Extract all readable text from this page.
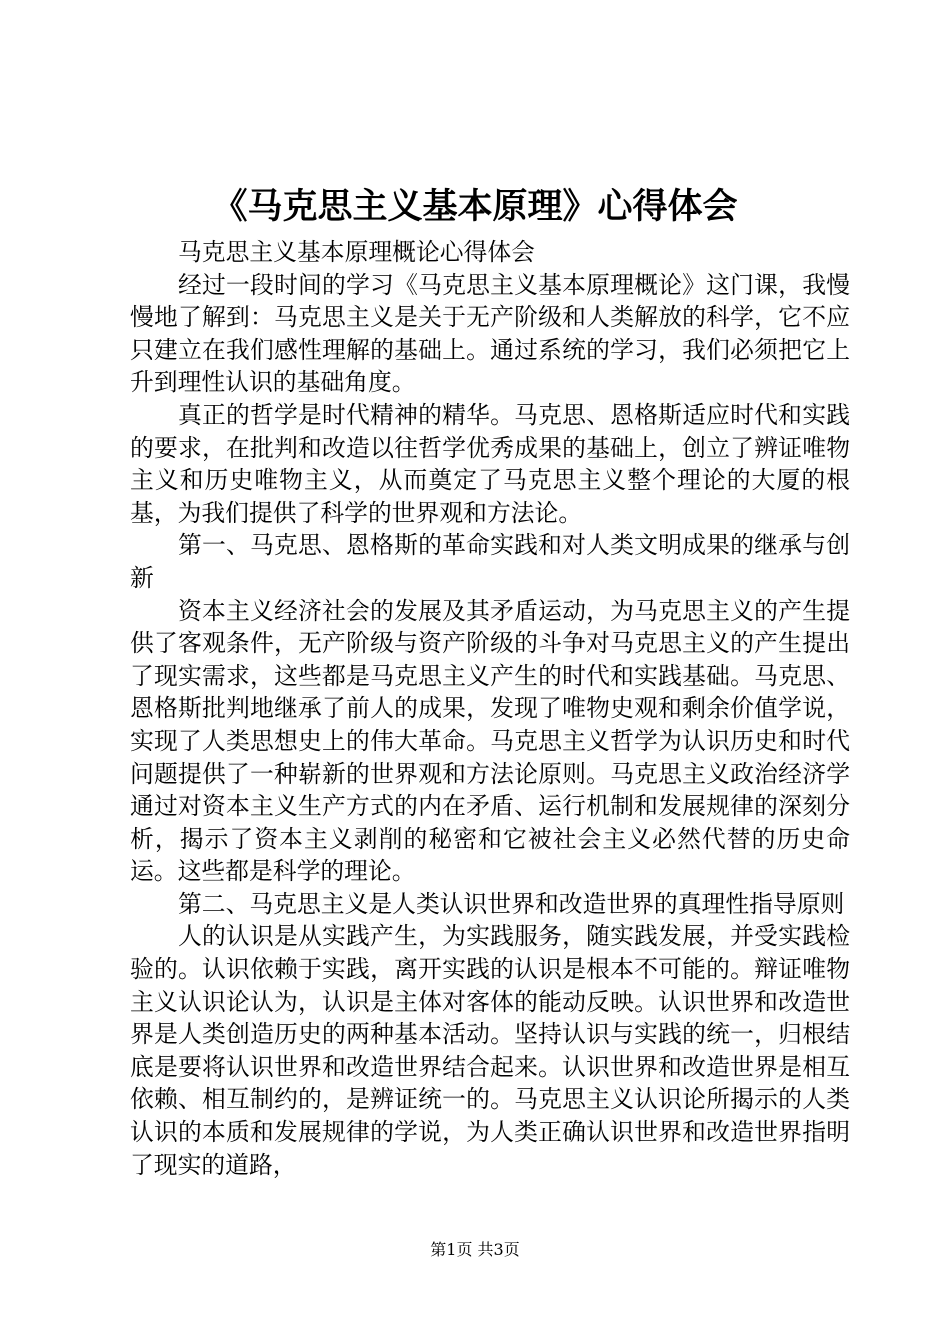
《马克思主义基本原理》心得体会

马克思主义基本原理概论心得体会

经过一段时间的学习《马克思主义基本原理概论》这门课，我慢慢地了解到：马克思主义是关于无产阶级和人类解放的科学，它不应只建立在我们感性理解的基础上。通过系统的学习，我们必须把它上升到理性认识的基础角度。

真正的哲学是时代精神的精华。马克思、恩格斯适应时代和实践的要求，在批判和改造以往哲学优秀成果的基础上，创立了辨证唯物主义和历史唯物主义，从而奠定了马克思主义整个理论的大厦的根基，为我们提供了科学的世界观和方法论。

第一、马克思、恩格斯的革命实践和对人类文明成果的继承与创新

资本主义经济社会的发展及其矛盾运动，为马克思主义的产生提供了客观条件，无产阶级与资产阶级的斗争对马克思主义的产生提出了现实需求，这些都是马克思主义产生的时代和实践基础。马克思、恩格斯批判地继承了前人的成果，发现了唯物史观和剩余价值学说，实现了人类思想史上的伟大革命。马克思主义哲学为认识历史和时代问题提供了一种崭新的世界观和方法论原则。马克思主义政治经济学通过对资本主义生产方式的内在矛盾、运行机制和发展规律的深刻分析，揭示了资本主义剥削的秘密和它被社会主义必然代替的历史命运。这些都是科学的理论。

第二、马克思主义是人类认识世界和改造世界的真理性指导原则

人的认识是从实践产生，为实践服务，随实践发展，并受实践检验的。认识依赖于实践，离开实践的认识是根本不可能的。辩证唯物主义认识论认为，认识是主体对客体的能动反映。认识世界和改造世界是人类创造历史的两种基本活动。坚持认识与实践的统一，归根结底是要将认识世界和改造世界结合起来。认识世界和改造世界是相互依赖、相互制约的，是辨证统一的。马克思主义认识论所揭示的人类认识的本质和发展规律的学说，为人类正确认识世界和改造世界指明了现实的道路，

第1页 共3页
